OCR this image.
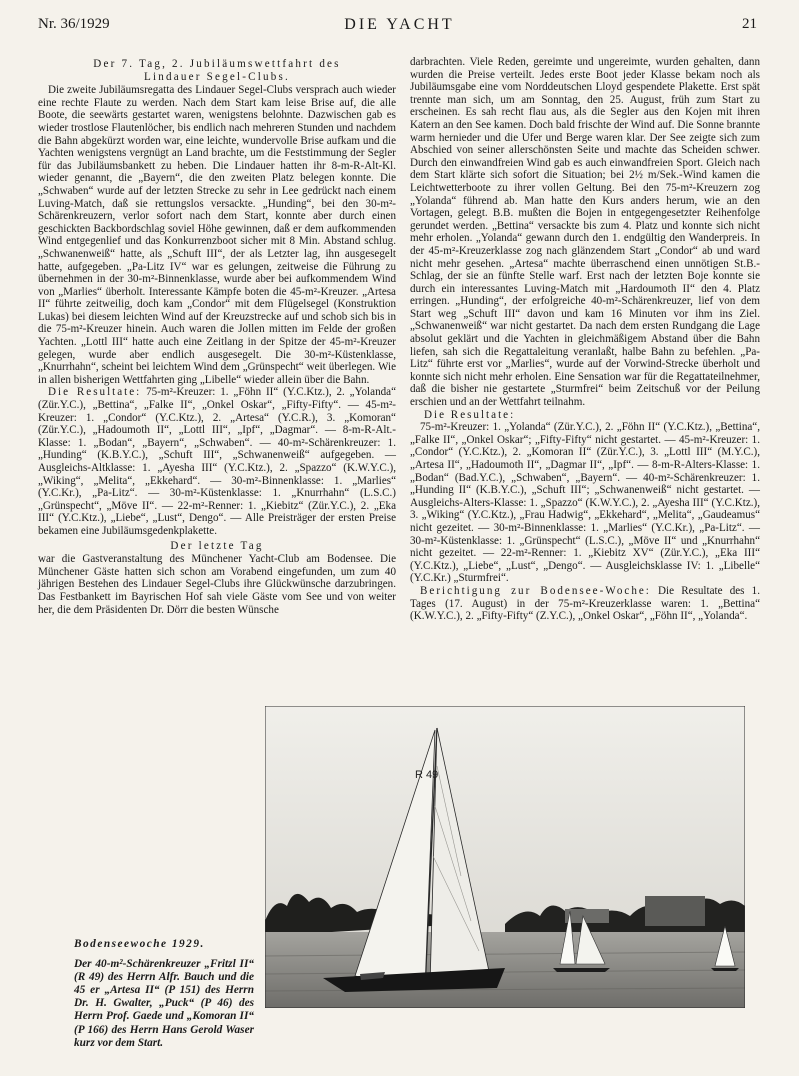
Nr. 36/1929	DIE YACHT	21
Der 7. Tag, 2. Jubiläumswettfahrt des
Lindauer Segel-Clubs.

Die zweite Jubiläumsregatta des Lindauer Segel-Clubs versprach auch wieder eine rechte Flaute zu werden. Nach dem Start kam leise Brise auf, die alle Boote, die seewärts gestartet waren, wenigstens belohnte. Dazwischen gab es wieder trostlose Flautenlöcher, bis endlich nach mehreren Stunden und nachdem die Bahn abgekürzt worden war, eine leichte, wundervolle Brise aufkam und die Yachten wenigstens vergnügt an Land brachte, um die Feststimmung der Segler für das Jubiläumsbankett zu heben. Die Lindauer hatten ihr 8-m-R-Alt-Kl. wieder genannt, die „Bayern“, die den zweiten Platz belegen konnte. Die „Schwaben“ wurde auf der letzten Strecke zu sehr in Lee gedrückt nach einem Luving-Match, daß sie rettungslos versackte. „Hunding“, bei den 30-m²-Schärenkreuzern, verlor sofort nach dem Start, konnte aber durch einen geschickten Backbordschlag soviel Höhe gewinnen, daß er dem aufkommenden Wind entgegenlief und das Konkurrenzboot sicher mit 8 Min. Abstand schlug. „Schwanenweiß“ hatte, als „Schuft III“, der als Letzter lag, ihn ausgesegelt hatte, aufgegeben. „Pa-Litz IV“ war es gelungen, zeitweise die Führung zu übernehmen in der 30-m²-Binnenklasse, wurde aber bei aufkommendem Wind von „Marlies“ überholt. Interessante Kämpfe boten die 45-m²-Kreuzer. „Artesa II“ führte zeitweilig, doch kam „Condor“ mit dem Flügelsegel (Konstruktion Lukas) bei diesem leichten Wind auf der Kreuzstrecke auf und schob sich bis in die 75-m²-Kreuzer hinein. Auch waren die Jollen mitten im Felde der großen Yachten. „Lottl III“ hatte auch eine Zeitlang in der Spitze der 45-m²-Kreuzer gelegen, wurde aber endlich ausgesegelt. Die 30-m²-Küstenklasse, „Knurrhahn“, scheint bei leichtem Wind dem „Grünspecht“ weit überlegen. Wie in allen bisherigen Wettfahrten ging „Libelle“ wieder allein über die Bahn.

Die Resultate: 75-m²-Kreuzer: 1. „Föhn II“ (Y.C.Ktz.), 2. „Yolanda“ (Zür.Y.C.), „Bettina“, „Falke II“, „Onkel Oskar“, „Fifty-Fifty“. — 45-m²-Kreuzer: 1. „Condor“ (Y.C.Ktz.), 2. „Artesa“ (Y.C.R.), 3. „Komoran“ (Zür.Y.C.), „Hadoumoth II“, „Lottl III“, „Ipf“, „Dagmar“. — 8-m-R-Alt.-Klasse: 1. „Bodan“, „Bayern“, „Schwaben“. — 40-m²-Schärenkreuzer: 1. „Hunding“ (K.B.Y.C.), „Schuft III“, „Schwanenweiß“ aufgegeben. — Ausgleichs-Altklasse: 1. „Ayesha III“ (Y.C.Ktz.), 2. „Spazzo“ (K.W.Y.C.), „Wiking“, „Melita“, „Ekkehard“. — 30-m²-Binnenklasse: 1. „Marlies“ (Y.C.Kr.), „Pa-Litz“. — 30-m²-Küstenklasse: 1. „Knurrhahn“ (L.S.C.) „Grünspecht“, „Möve II“. — 22-m²-Renner: 1. „Kiebitz“ (Zür.Y.C.), 2. „Eka III“ (Y.C.Ktz.), „Liebe“, „Lust“, Dengo“. — Alle Preisträger der ersten Preise bekamen eine Jubiläumsgedenkplakette.

Der letzte Tag

war die Gastveranstaltung des Münchener Yacht-Club am Bodensee. Die Münchener Gäste hatten sich schon am Vorabend eingefunden, um zum 40 jährigen Bestehen des Lindauer Segel-Clubs ihre Glückwünsche darzubringen. Das Festbankett im Bayrischen Hof sah viele Gäste vom See und von weiter her, die dem Präsidenten Dr. Dörr die besten Wünsche

darbrachten. Viele Reden, gereimte und ungereimte, wurden gehalten, dann wurden die Preise verteilt. Jedes erste Boot jeder Klasse bekam noch als Jubiläumsgabe eine vom Norddeutschen Lloyd gespendete Plakette. Erst spät trennte man sich, um am Sonntag, den 25. August, früh zum Start zu erscheinen. Es sah recht flau aus, als die Segler aus den Kojen mit ihren Katern an den See kamen. Doch bald frischte der Wind auf. Die Sonne brannte warm hernieder und die Ufer und Berge waren klar. Der See zeigte sich zum Abschied von seiner allerschönsten Seite und machte das Scheiden schwer. Durch den einwandfreien Wind gab es auch einwandfreien Sport. Gleich nach dem Start klärte sich sofort die Situation; bei 2½ m/Sek.-Wind kamen die Leichtwetterboote zu ihrer vollen Geltung. Bei den 75-m²-Kreuzern zog „Yolanda“ führend ab. Man hatte den Kurs anders herum, wie an den Vortagen, gelegt. B.B. mußten die Bojen in entgegengesetzter Reihenfolge gerundet werden. „Bettina“ versackte bis zum 4. Platz und konnte sich nicht mehr erholen. „Yolanda“ gewann durch den 1. endgültig den Wanderpreis. In der 45-m²-Kreuzerklasse zog nach glänzendem Start „Condor“ ab und ward nicht mehr gesehen. „Artesa“ machte überraschend einen unnötigen St.B.-Schlag, der sie an fünfte Stelle warf. Erst nach der letzten Boje konnte sie durch ein interessantes Luving-Match mit „Hardoumoth II“ den 4. Platz erringen. „Hunding“, der erfolgreiche 40-m²-Schärenkreuzer, lief von dem Start weg „Schuft III“ davon und kam 16 Minuten vor ihm ins Ziel. „Schwanenweiß“ war nicht gestartet. Da nach dem ersten Rundgang die Lage absolut geklärt und die Yachten in gleichmäßigem Abstand über die Bahn liefen, sah sich die Regattaleitung veranlaßt, halbe Bahn zu befehlen. „Pa-Litz“ führte erst vor „Marlies“, wurde auf der Vorwind-Strecke überholt und konnte sich nicht mehr erholen. Eine Sensation war für die Regattateilnehmer, daß die bisher nie gestartete „Sturmfrei“ beim Zeitschuß vor der Peilung erschien und an der Wettfahrt teilnahm.

Die Resultate:

75-m²-Kreuzer: 1. „Yolanda“ (Zür.Y.C.), 2. „Föhn II“ (Y.C.Ktz.), „Bettina“, „Falke II“, „Onkel Oskar“; „Fifty-Fifty“ nicht gestartet. — 45-m²-Kreuzer: 1. „Condor“ (Y.C.Ktz.), 2. „Komoran II“ (Zür.Y.C.), 3. „Lottl III“ (M.Y.C.), „Artesa II“, „Hadoumoth II“, „Dagmar II“, „Ipf“. — 8-m-R-Alters-Klasse: 1. „Bodan“ (Bad.Y.C.), „Schwaben“, „Bayern“. — 40-m²-Schärenkreuzer: 1. „Hunding II“ (K.B.Y.C.), „Schuft III“; „Schwanenweiß“ nicht gestartet. — Ausgleichs-Alters-Klasse: 1. „Spazzo“ (K.W.Y.C.), 2. „Ayesha III“ (Y.C.Ktz.), 3. „Wiking“ (Y.C.Ktz.), „Frau Hadwig“, „Ekkehard“, „Melita“, „Gaudeamus“ nicht gezeitet. — 30-m²-Binnenklasse: 1. „Marlies“ (Y.C.Kr.), „Pa-Litz“. — 30-m²-Küstenklasse: 1. „Grünspecht“ (L.S.C.), „Möve II“ und „Knurrhahn“ nicht gezeitet. — 22-m²-Renner: 1. „Kiebitz XV“ (Zür.Y.C.), „Eka III“ (Y.C.Ktz.), „Liebe“, „Lust“, „Dengo“. — Ausgleichsklasse IV: 1. „Libelle“ (Y.C.Kr.) „Sturmfrei“.

Berichtigung zur Bodensee-Woche: Die Resultate des 1. Tages (17. August) in der 75-m²-Kreuzerklasse waren: 1. „Bettina“ (K.W.Y.C.), 2. „Fifty-Fifty“ (Z.Y.C.), „Onkel Oskar“, „Föhn II“, „Yolanda“.

R 49
Bodenseewoche 1929.
Der 40-m²-Schärenkreuzer „Fritzl II“ (R 49) des Herrn Alfr. Bauch und die 45 er „Artesa II“ (P 151) des Herrn Dr. H. Gwalter, „Puck“ (P 46) des Herrn Prof. Gaede und „Komoran II“ (P 166) des Herrn Hans Gerold Waser kurz vor dem Start.
